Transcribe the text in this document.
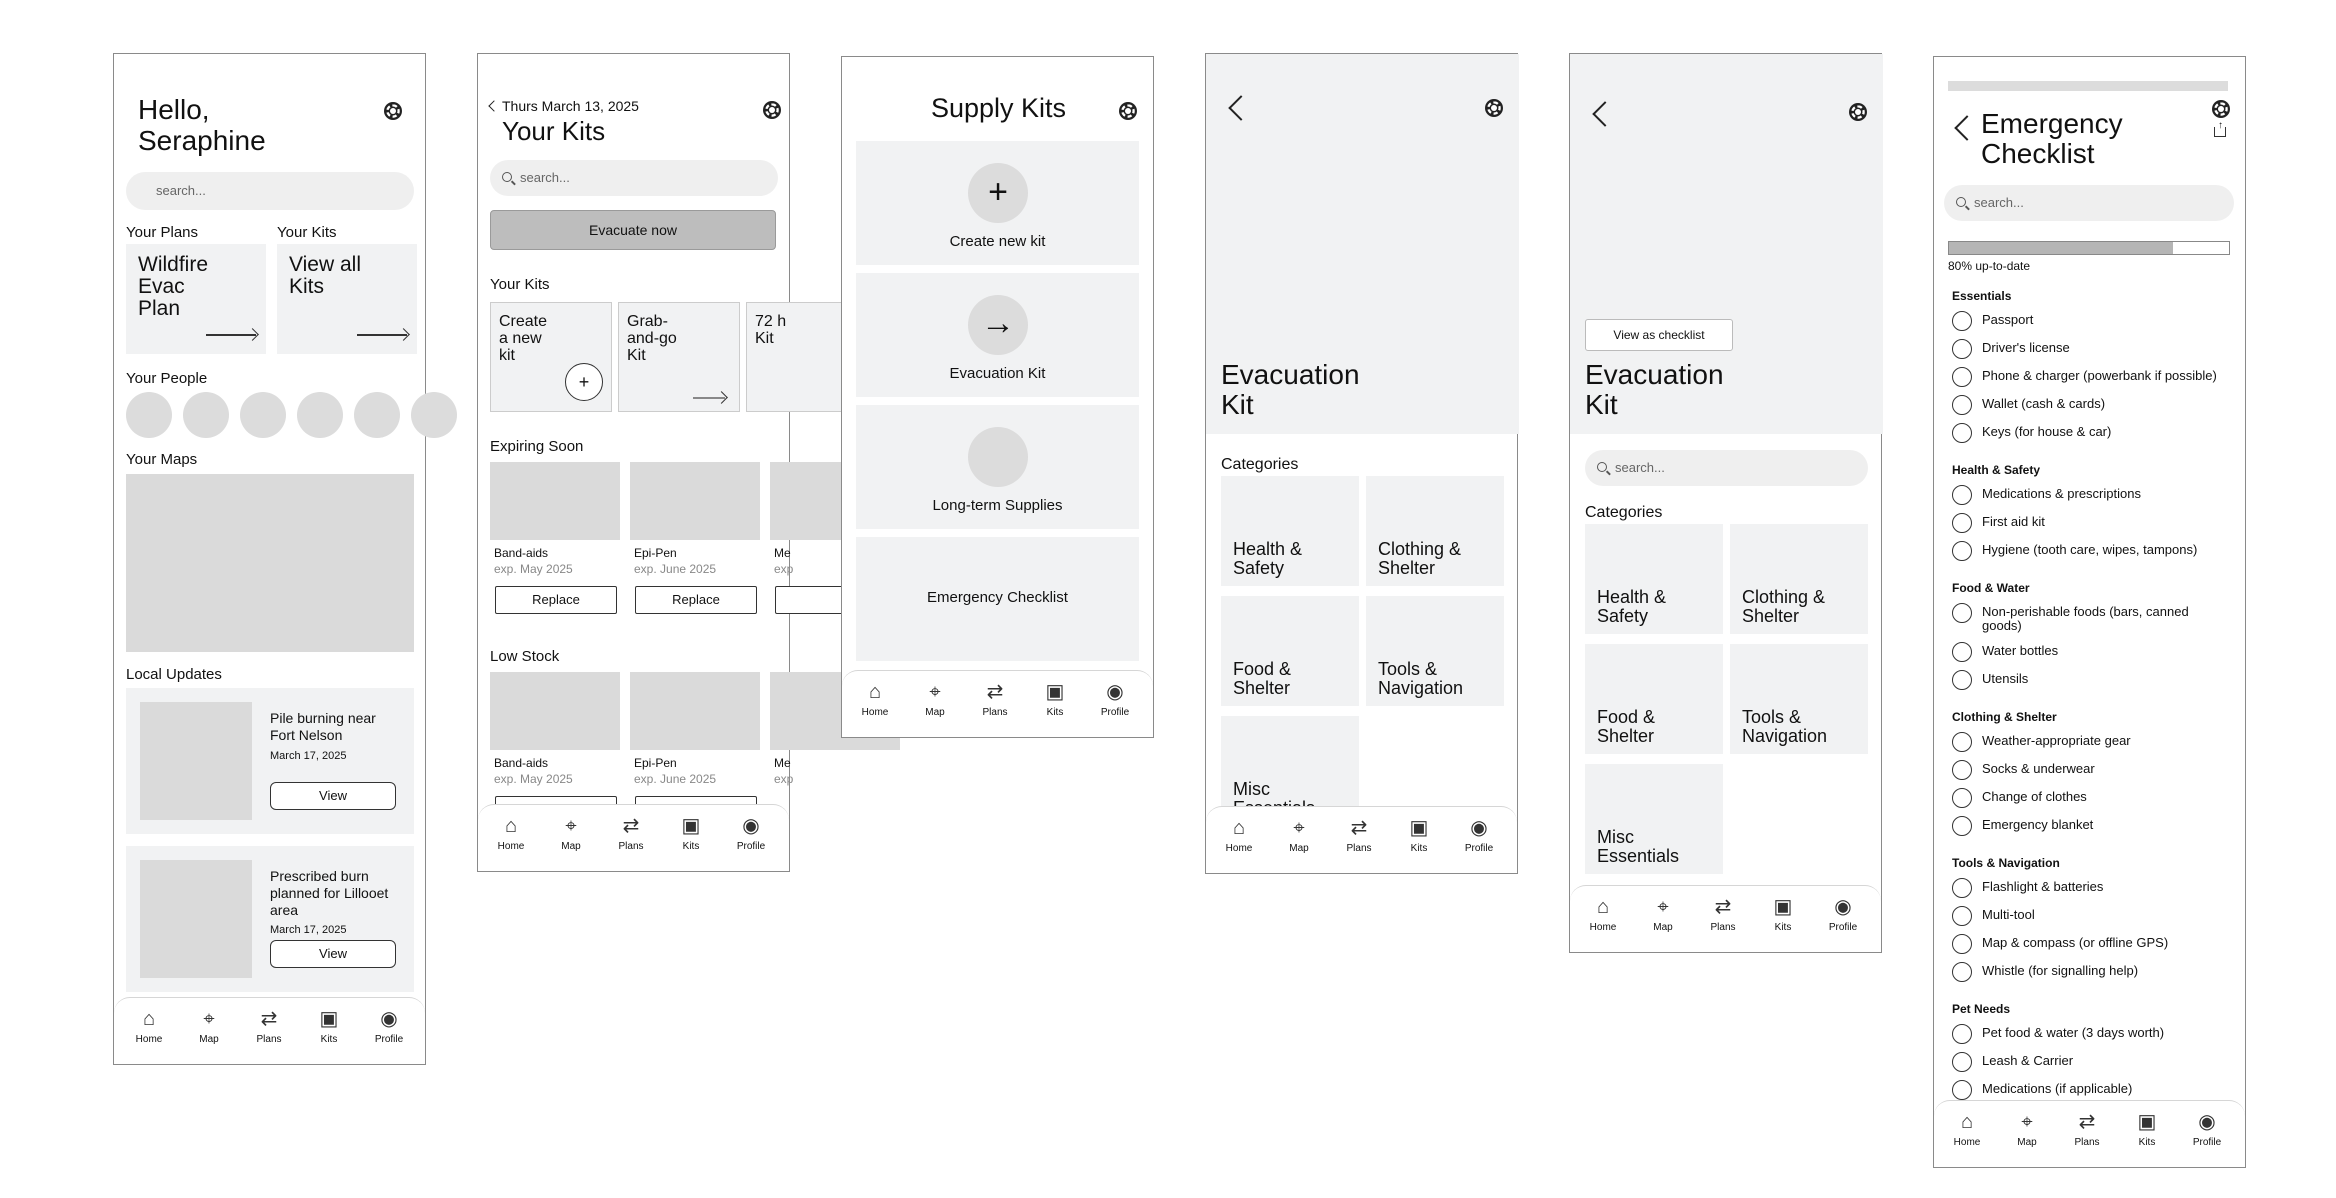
Hello,
Seraphine
search...
Your Plans	Your Kits
Wildfire
Evac
Plan
View all
Kits
Your People
Your Maps
Local Updates
Pile burning near Fort Nelson
March 17, 2025
View
Prescribed burn planned for Lillooet area
March 17, 2025
View
⌂
Home
⌖
Map
⇄
Plans
▣
Kits
◉
Profile
Thurs March 13, 2025
Your Kits
search...
Evacuate now
Your Kits
Create
a new
kit
+
Grab-
and-go
Kit
72 h
Kit
Expiring Soon
Band-aids
exp. May 2025
Epi-Pen
exp. June 2025
Me
exp
Replace	Replace
Low Stock
Band-aids
exp. May 2025
Epi-Pen
exp. June 2025
Me
exp
⌂
Home
⌖
Map
⇄
Plans
▣
Kits
◉
Profile
Supply Kits
+
Create new kit
→
Evacuation Kit
Long-term Supplies
Emergency Checklist
⌂
Home
⌖
Map
⇄
Plans
▣
Kits
◉
Profile
Evacuation
Kit
Categories
Health &
Safety
Clothing &
Shelter
Food &
Shelter
Tools &
Navigation
Misc

⌂
Home
⌖
Map
⇄
Plans
▣
Kits
◉
Profile
View as checklist
Evacuation
Kit
search...
Categories
Health &
Safety
Clothing &
Shelter
Food &
Shelter
Tools &
Navigation
Misc
Essentials
⌂
Home
⌖
Map
⇄
Plans
▣
Kits
◉
Profile
Emergency
Checklist
↑
search...
80% up-to-date
Essentials
Passport
Driver's license
Phone & charger (powerbank if possible)
Wallet (cash & cards)
Keys (for house & car)
Health & Safety
Medications & prescriptions
First aid kit
Hygiene (tooth care, wipes, tampons)
Food & Water
Non-perishable foods (bars, canned
goods)
Water bottles
Utensils
Clothing & Shelter
Weather-appropriate gear
Socks & underwear
Change of clothes
Emergency blanket
Tools & Navigation
Flashlight & batteries
Multi-tool
Map & compass (or offline GPS)
Whistle (for signalling help)
Pet Needs
Pet food & water (3 days worth)
Leash & Carrier
Medications (if applicable)
⌂
Home
⌖
Map
⇄
Plans
▣
Kits
◉
Profile
